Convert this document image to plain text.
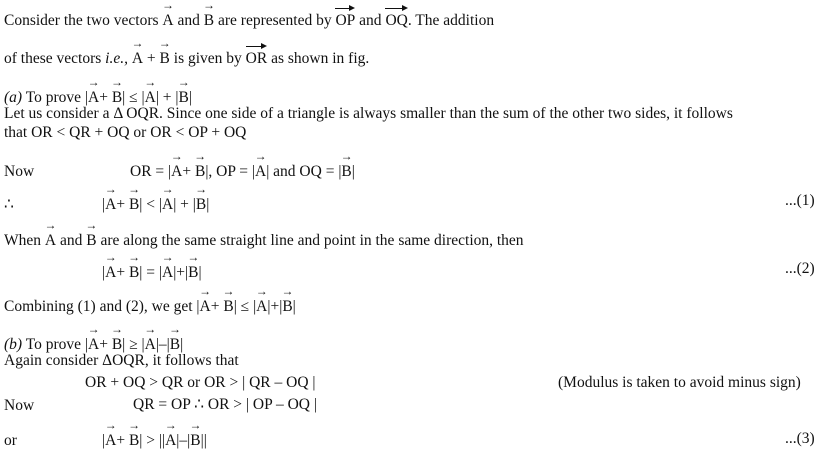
Consider the two vectors → A and → B are represented by OP and OQ. The addition
of these vectors i.e., → A + → B is given by OR as shown in fig.
(a) To prove |→ A+ → B| ≤ |→ A| + |→ B|
Let us consider a Δ OQR. Since one side of a triangle is always smaller than the sum of the other two sides, it follows
that OR < QR + OQ or OR < OP + OQ
Now	OR = |→ A+ → B|, OP = |→ A| and OQ = |→ B|
∴	|→ A+ → B| < |→ A| + |→ B|	...(1)
When → A and → B are along the same straight line and point in the same direction, then
|→ A+ → B| = |→ A|+|→ B|	...(2)
Combining (1) and (2), we get |→ A+ → B| ≤ |→ A|+|→ B|
(b) To prove |→ A+ → B| ≥ |→ A|–|→ B|
Again consider ΔOQR, it follows that
OR + OQ > QR or OR > | QR – OQ |	(Modulus is taken to avoid minus sign)
Now	QR = OP ∴ OR > | OP – OQ |
or	|→ A+ → B| > ||→ A|–|→ B||	...(3)
